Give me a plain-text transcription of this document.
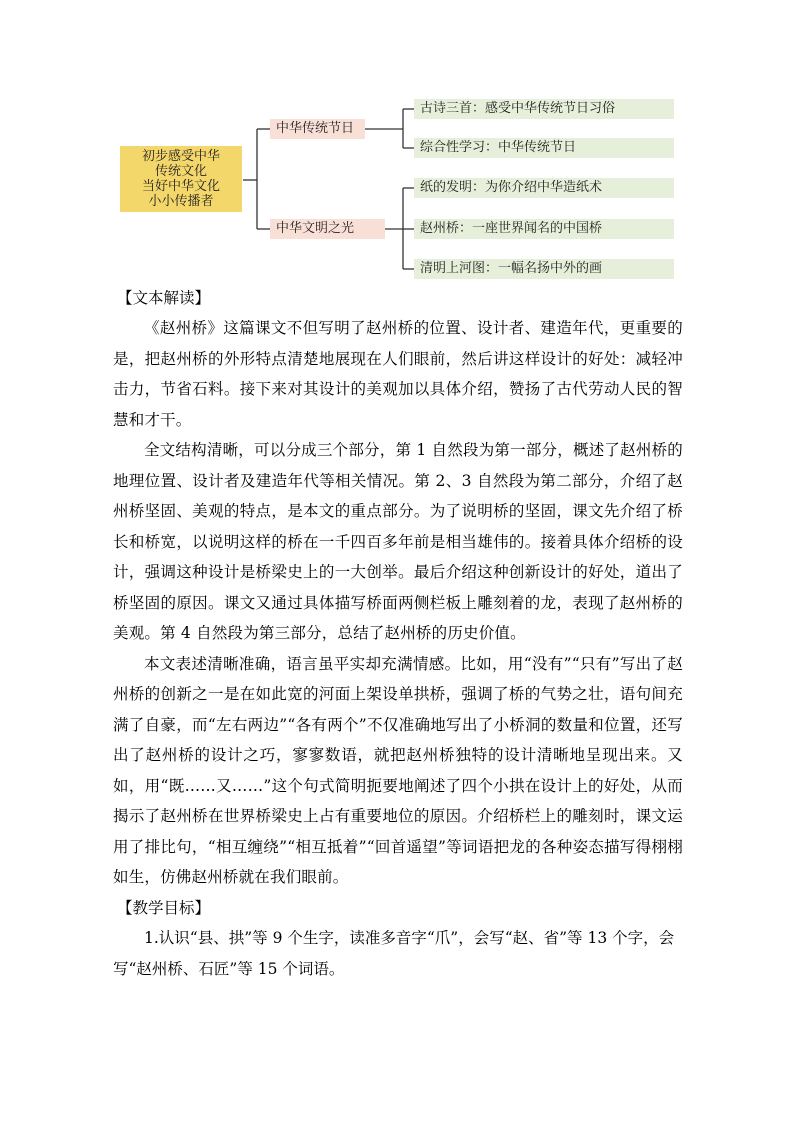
初步感受中华
传统文化
当好中华文化
小小传播者
中华传统节日
中华文明之光
古诗三首：感受中华传统节日习俗
综合性学习：中华传统节日
纸的发明：为你介绍中华造纸术
赵州桥：一座世界闻名的中国桥
清明上河图：一幅名扬中外的画
【文本解读】

《赵州桥》这篇课文不但写明了赵州桥的位置、设计者、建造年代，更重要的是，把赵州桥的外形特点清楚地展现在人们眼前，然后讲这样设计的好处：减轻冲击力，节省石料。接下来对其设计的美观加以具体介绍，赞扬了古代劳动人民的智慧和才干。

全文结构清晰，可以分成三个部分，第 1 自然段为第一部分，概述了赵州桥的地理位置、设计者及建造年代等相关情况。第 2、3 自然段为第二部分，介绍了赵州桥坚固、美观的特点，是本文的重点部分。为了说明桥的坚固，课文先介绍了桥长和桥宽，以说明这样的桥在一千四百多年前是相当雄伟的。接着具体介绍桥的设计，强调这种设计是桥梁史上的一大创举。最后介绍这种创新设计的好处，道出了桥坚固的原因。课文又通过具体描写桥面两侧栏板上雕刻着的龙，表现了赵州桥的美观。第 4 自然段为第三部分，总结了赵州桥的历史价值。

本文表述清晰准确，语言虽平实却充满情感。比如，用“没有”“只有”写出了赵州桥的创新之一是在如此宽的河面上架设单拱桥，强调了桥的气势之壮，语句间充满了自豪，而“左右两边”“各有两个”不仅准确地写出了小桥洞的数量和位置，还写出了赵州桥的设计之巧，寥寥数语，就把赵州桥独特的设计清晰地呈现出来。又如，用“既……又……”这个句式简明扼要地阐述了四个小拱在设计上的好处，从而揭示了赵州桥在世界桥梁史上占有重要地位的原因。介绍桥栏上的雕刻时，课文运用了排比句，“相互缠绕”“相互抵着”“回首遥望”等词语把龙的各种姿态描写得栩栩如生，仿佛赵州桥就在我们眼前。

【教学目标】

1.认识“县、拱”等 9 个生字，读准多音字“爪”，会写“赵、省”等 13 个字，会写“赵州桥、石匠”等 15 个词语。
